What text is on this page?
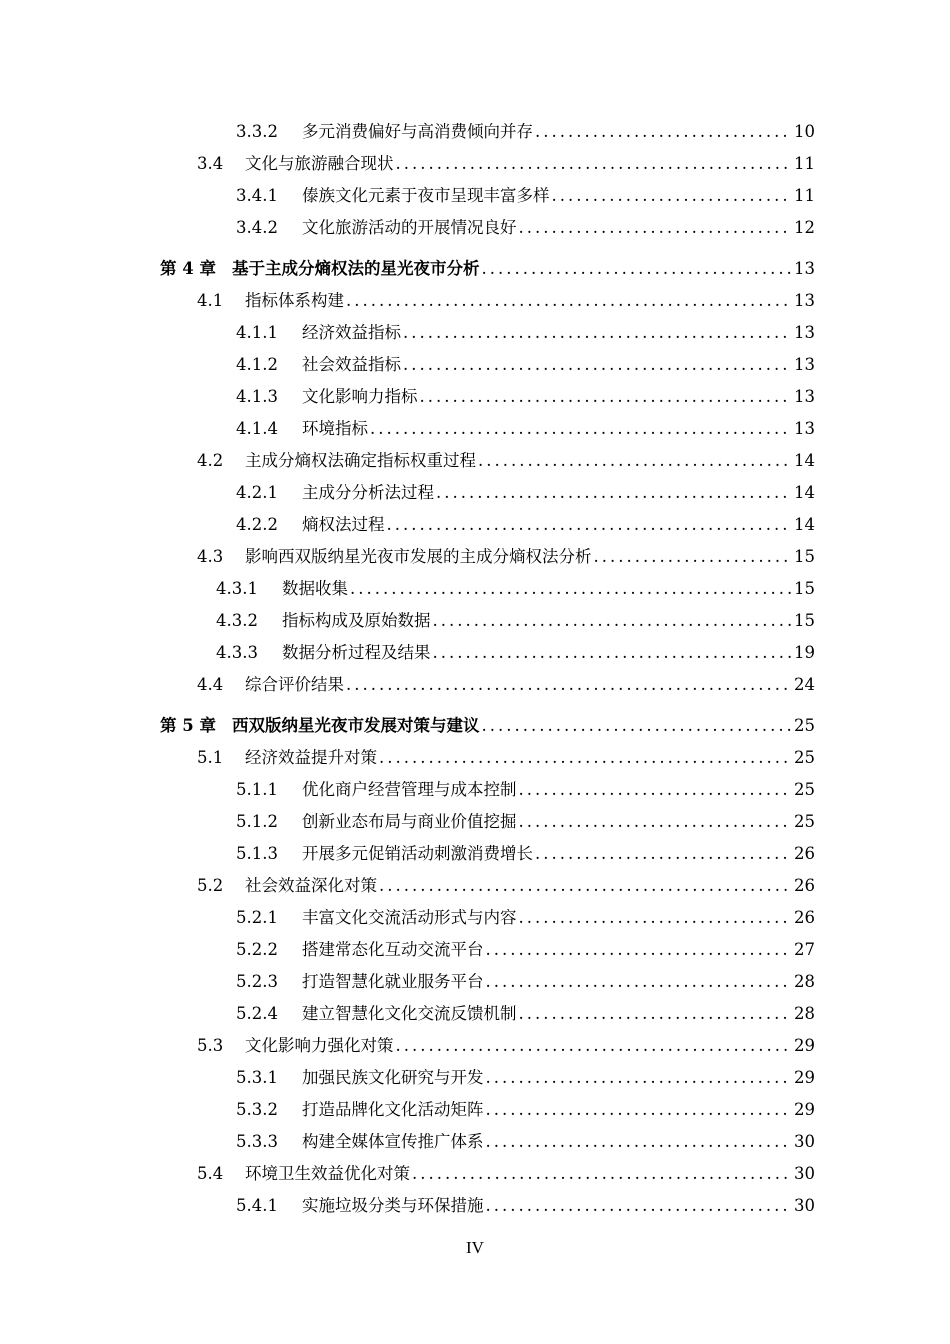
3.3.2	多元消费偏好与高消费倾向并存 .....	10
3.4	文化与旅游融合现状 .....	11
3.4.1	傣族文化元素于夜市呈现丰富多样 .....	11
3.4.2	文化旅游活动的开展情况良好 .....	12
第 4 章 基于主成分熵权法的星光夜市分析 .....	13
4.1	指标体系构建 .....	13
4.1.1	经济效益指标 .....	13
4.1.2	社会效益指标 .....	13
4.1.3	文化影响力指标 .....	13
4.1.4	环境指标 .....	13
4.2	主成分熵权法确定指标权重过程 .....	14
4.2.1	主成分分析法过程 .....	14
4.2.2	熵权法过程 .....	14
4.3	影响西双版纳星光夜市发展的主成分熵权法分析 .....	15
4.3.1	数据收集 .....	15
4.3.2	指标构成及原始数据 .....	15
4.3.3	数据分析过程及结果 .....	19
4.4	综合评价结果 .....	24
第 5 章 西双版纳星光夜市发展对策与建议 .....	25
5.1	经济效益提升对策 .....	25
5.1.1	优化商户经营管理与成本控制 .....	25
5.1.2	创新业态布局与商业价值挖掘 .....	25
5.1.3	开展多元促销活动刺激消费增长 .....	26
5.2	社会效益深化对策 .....	26
5.2.1	丰富文化交流活动形式与内容 .....	26
5.2.2	搭建常态化互动交流平台 .....	27
5.2.3	打造智慧化就业服务平台 .....	28
5.2.4	建立智慧化文化交流反馈机制 .....	28
5.3	文化影响力强化对策 .....	29
5.3.1	加强民族文化研究与开发 .....	29
5.3.2	打造品牌化文化活动矩阵 .....	29
5.3.3	构建全媒体宣传推广体系 .....	30
5.4	环境卫生效益优化对策 .....	30
5.4.1	实施垃圾分类与环保措施 .....	30
IV
